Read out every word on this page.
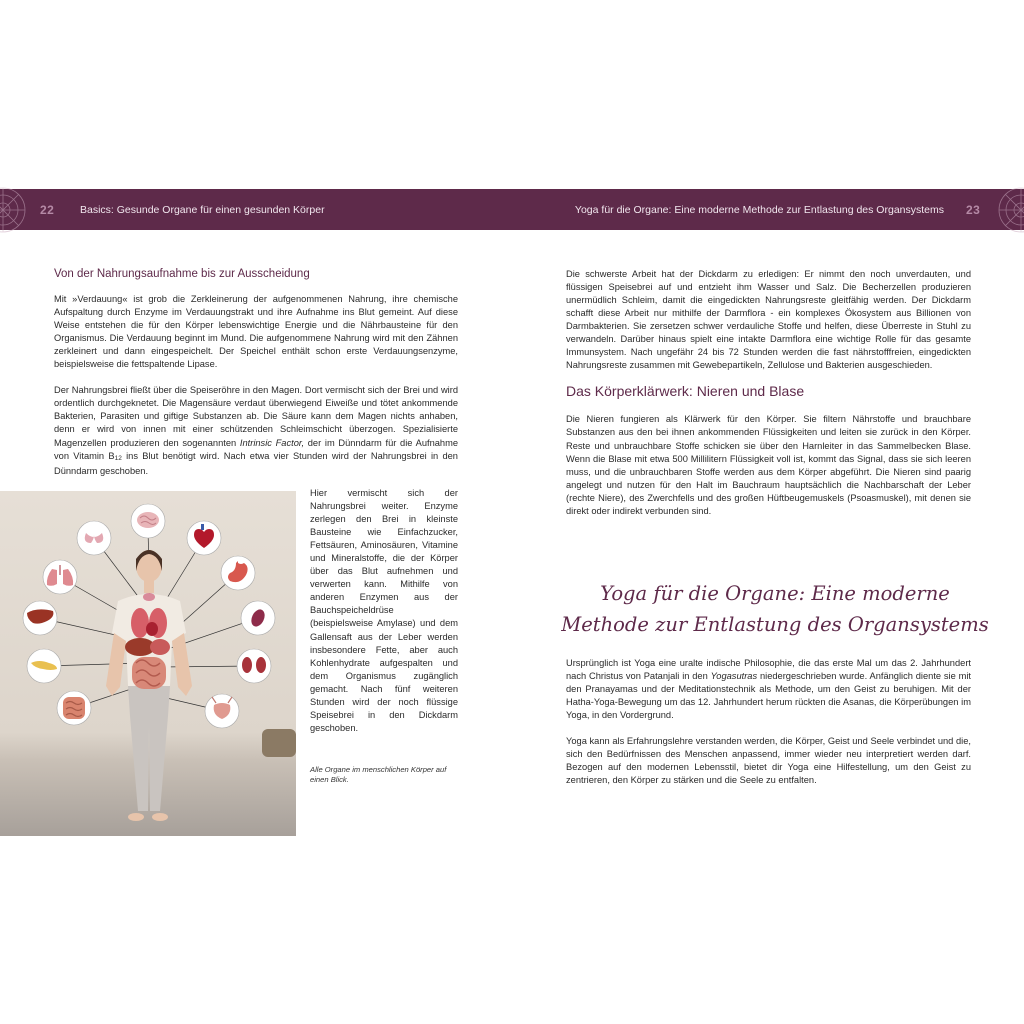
22 Basics: Gesunde Organe für einen gesunden Körper	Yoga für die Organe: Eine moderne Methode zur Entlastung des Organsystems 23
Von der Nahrungsaufnahme bis zur Ausscheidung

Mit »Verdauung« ist grob die Zerkleinerung der aufgenommenen Nahrung, ihre chemische Aufspaltung durch Enzyme im Verdauungstrakt und ihre Aufnahme ins Blut gemeint. Auf diese Weise entstehen die für den Körper lebenswichtige Energie und die Nährbausteine für den Organismus. Die Verdauung beginnt im Mund. Die aufgenommene Nahrung wird mit den Zähnen zerkleinert und dann eingespeichelt. Der Speichel enthält schon erste Verdauungsenzyme, beispielsweise die fettspaltende Lipase.

Der Nahrungsbrei fließt über die Speiseröhre in den Magen. Dort vermischt sich der Brei und wird ordentlich durchgeknetet. Die Magensäure verdaut überwiegend Eiweiße und tötet ankommende Bakterien, Parasiten und giftige Substanzen ab. Die Säure kann dem Magen nichts anhaben, denn er wird von innen mit einer schützenden Schleimschicht überzogen. Spezialisierte Magenzellen produzieren den sogenannten Intrinsic Factor, der im Dünndarm für die Aufnahme von Vitamin $B_{12}$ ins Blut benötigt wird. Nach etwa vier Stunden wird der Nahrungsbrei in den Dünndarm geschoben.

Hier vermischt sich der Nahrungsbrei weiter. Enzyme zerlegen den Brei in kleinste Bausteine wie Einfachzucker, Fettsäuren, Aminosäuren, Vitamine und Mineralstoffe, die der Körper über das Blut aufnehmen und verwerten kann. Mithilfe von anderen Enzymen aus der Bauchspeicheldrüse (beispielsweise Amylase) und dem Gallensaft aus der Leber werden insbesondere Fette, aber auch Kohlenhydrate aufgespalten und dem Organismus zugänglich gemacht. Nach fünf weiteren Stunden wird der noch flüssige Speisebrei in den Dickdarm geschoben.

Alle Organe im menschlichen Körper auf einen Blick.

Die schwerste Arbeit hat der Dickdarm zu erledigen: Er nimmt den noch unverdauten, und flüssigen Speisebrei auf und entzieht ihm Wasser und Salz. Die Becherzellen produzieren unermüdlich Schleim, damit die eingedickten Nahrungsreste gleitfähig werden. Der Dickdarm schafft diese Arbeit nur mithilfe der Darmflora - ein komplexes Ökosystem aus Billionen von Darmbakterien. Sie zersetzen schwer verdauliche Stoffe und helfen, diese Überreste in Stuhl zu verwandeln. Darüber hinaus spielt eine intakte Darmflora eine wichtige Rolle für das gesamte Immunsystem. Nach ungefähr 24 bis 72 Stunden werden die fast nährstofffreien, eingedickten Nahrungsreste zusammen mit Gewebepartikeln, Zellulose und Bakterien ausgeschieden.

Das Körperklärwerk: Nieren und Blase

Die Nieren fungieren als Klärwerk für den Körper. Sie filtern Nährstoffe und brauchbare Substanzen aus den bei ihnen ankommenden Flüssigkeiten und leiten sie zurück in den Körper. Reste und unbrauchbare Stoffe schicken sie über den Harnleiter in das Sammelbecken Blase. Wenn die Blase mit etwa 500 Millilitern Flüssigkeit voll ist, kommt das Signal, dass sie sich leeren muss, und die unbrauchbaren Stoffe werden aus dem Körper abgeführt. Die Nieren sind paarig angelegt und nutzen für den Halt im Bauchraum hauptsächlich die Nachbarschaft der Leber (rechte Niere), des Zwerchfells und des großen Hüftbeugemuskels (Psoasmuskel), mit denen sie direkt oder indirekt verbunden sind.

Yoga für die Organe: Eine moderne
Methode zur Entlastung des Organsystems

Ursprünglich ist Yoga eine uralte indische Philosophie, die das erste Mal um das 2. Jahrhundert nach Christus von Patanjali in den Yogasutras niedergeschrieben wurde. Anfänglich diente sie mit den Pranayamas und der Meditationstechnik als Methode, um den Geist zu beruhigen. Mit der Hatha-Yoga-Bewegung um das 12. Jahrhundert herum rückten die Asanas, die Körperübungen im Yoga, in den Vordergrund.

Yoga kann als Erfahrungslehre verstanden werden, die Körper, Geist und Seele verbindet und die, sich den Bedürfnissen des Menschen anpassend, immer wieder neu interpretiert werden darf. Bezogen auf den modernen Lebensstil, bietet dir Yoga eine Hilfestellung, um den Geist zu zentrieren, den Körper zu stärken und die Seele zu entfalten.
